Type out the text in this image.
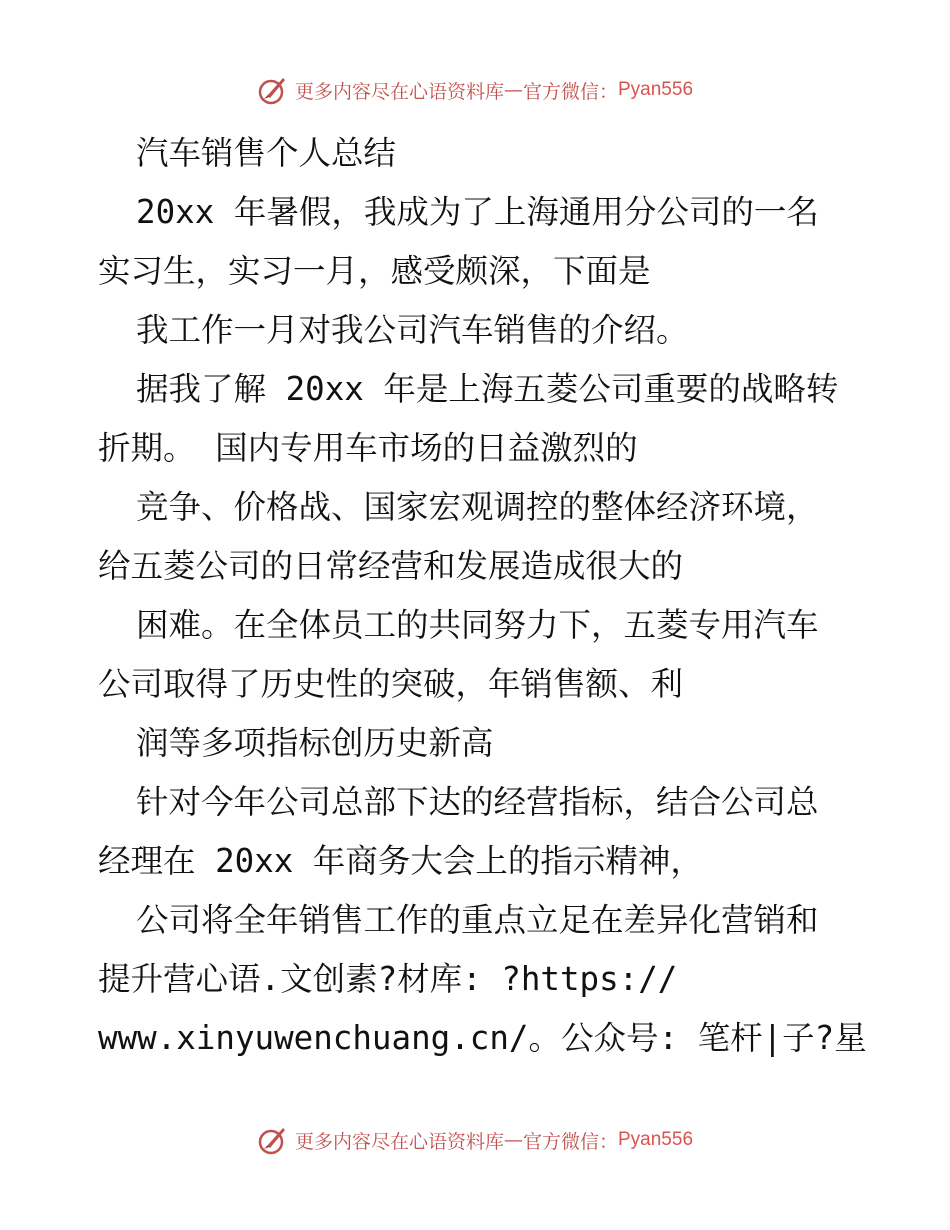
更多内容尽在心语资料库 — 官方微信： Pyan556
汽车销售个人总结
20xx 年暑假，我成为了上海通用分公司的一名
实习生，实习一月，感受颇深，下面是
我工作一月对我公司汽车销售的介绍。
据我了解 20xx 年是上海五菱公司重要的战略转
折期。 国内专用车市场的日益激烈的
竞争、价格战、国家宏观调控的整体经济环境，
给五菱公司的日常经营和发展造成很大的
困难。在全体员工的共同努力下，五菱专用汽车
公司取得了历史性的突破，年销售额、利
润等多项指标创历史新高
针对今年公司总部下达的经营指标，结合公司总
经理在 20xx 年商务大会上的指示精神，
公司将全年销售工作的重点立足在差异化营销和
提升营心语.文创素?材库: ?https://
www.xinyuwenchuang.cn/。公众号: 笔杆|子?星
更多内容尽在心语资料库 — 官方微信： Pyan556
